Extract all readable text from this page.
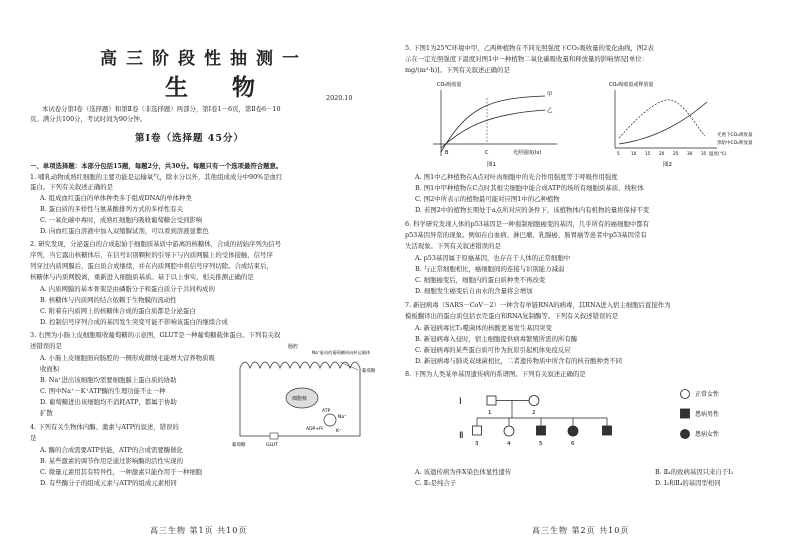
高三阶段性抽测一
生 物	2020.10
本试卷分第Ⅰ卷（选择题）和第Ⅱ卷（非选择题）两部分，第Ⅰ卷1－6页，第Ⅱ卷6－10
页。满分共100分，考试时间为90分钟。
第Ⅰ卷（选择题 45分）
一、单项选择题：本部分包括15题，每题2分，共30分。每题只有一个选项最符合题意。
1. 哺乳动物成熟红细胞的主要功能是运输氧气，除水分以外，其他组成成分中90%是血红
蛋白。下列有关叙述正确的是
A. 组成血红蛋白的单体种类多于组成DNA的单体种类
B. 蛋白质的多样性与氨基酸排列方式的多样性有关
C. 一氧化碳中毒时，成熟红细胞内吸收葡萄糖会受到影响
D. 向血红蛋白溶液中加入双缩脲试剂，可以看到溶液显紫色
2. 研究发现，分泌蛋白的合成起始于细胞质基质中游离的核糖体，合成的初始序列为信号
序列，当它露出核糖体后，在信号识别颗粒的引导下与内质网膜上的受体接触，信号序
列穿过内质网膜后，蛋白质合成继续，并在内质网腔中将信号序列切除。合成结束后，
核糖体与内质网脱离，重新进入细胞质基质。基于以上事实，相关推测正确的是
A. 内质网膜的基本骨架是由磷脂分子和蛋白质分子共同构成的
B. 核糖体与内质网的结合依赖于生物膜的流动性
C. 附着在内质网上的核糖体合成的蛋白质都是分泌蛋白
D. 控制信号序列合成的基因发生突变可能不影响该蛋白的继续合成
3. 右图为小肠上皮细胞吸收葡萄糖的示意图，GLUT是一种葡萄糖载体蛋白。下列有关叙
述错误的是
A. 小肠上皮细胞面向肠腔的一侧形成微绒毛能增大营养物质吸
收面积
B. Na⁺进出该细胞均需要细胞膜上蛋白质的协助
C. 图中Na⁺－K⁺ATP酶的生理功能不止一种
D. 葡萄糖进出该细胞均不消耗ATP，都属于协助
扩散
4. 下列有关生物体内酶、激素与ATP的叙述，错误的
是
A. 酶的合成需要ATP供能，ATP的合成需要酶催化
B. 某些激素的调节作用是通过影响酶的活性实现的
C. 微量元素用其有特异性，一种激素只能作用于一种细胞
D. 有些酶分子的组成元素与ATP的组成元素相同
肠腔
Na⁺驱动的葡萄糖同向转运载体
细胞核
ATP
ADP+Pi	K⁺
Na⁺
GLUT
葡萄糖
葡萄糖
高三生物 第1页 共10页
5. 下图1为25℃环境中甲、乙两种植物在不同光照强度下CO₂吸收量的变化曲线，图2表
示在一定光照强度下温度对图1中一种植物二氧化碳吸收量和释放量的影响情况[单位：
mg/(m²·h)]。下列有关叙述正确的是
CO₂吸收量
甲
乙
B	C	光照强度(lx)
图1
CO₂吸收量或释放量
光照下CO₂吸收量
黑暗中CO₂释放量
5	10 15 20 25 30 35 温度(℃)
图2
A. 图1中乙种植物在A点对叶肉细胞中的光合作用强度等于呼吸作用强度
B. 图1中甲种植物在C点时其根尖细胞中能合成ATP的场所有细胞质基质、线粒体
C. 图2中所表示的植物最可能对应图1中的乙种植物
D. 若图2中的植物长期处于a点所对应的条件下，该植物体内有机物的量将保持不变
6. 科学研究发现人体的p53基因是一种遏制细胞癌变的基因，几乎所有的癌细胞中都有
p53基因异常的现象。例如在白血病、淋巴瘤、乳腺癌、肠胃癌等患者中p53基因常有
失活现象。下列有关叙述错误的是
A. p53基因属于原癌基因，也存在于人体的正常细胞中
B. 与正常细胞相比，癌细胞间的连接与识别能力减弱
C. 细胞癌变后，细胞内的蛋白质种类不再改变
D. 细胞发生癌变后自由水的含量将会增加
7. 新冠病毒（SARS－CoV－2）一种含有单链RNA的病毒，其RNA进入宿主细胞后直接作为
模板翻译出的蛋白质包括衣壳蛋白和RNA复制酶等。下列有关叙述错误的是
A. 新冠病毒比T₂噬菌体的核酸更易发生基因突变
B. 新冠病毒入侵时，宿主细胞提供病毒繁殖所需的所有酶
C. 新冠病毒的某些蛋白质可作为抗原引起机体免疫反应
D. 新冠病毒与肺炎双球菌相比，二者遗传物质中所含有的核苷酸种类不同
8. 下图为人类某单基因遗传病的系谱图。下列有关叙述正确的是
Ⅰ
Ⅱ
1	2
3	4	5	6
正常女性
患病男性
患病女性
A. 该遗传病为伴X染色体显性遗传	B. Ⅱ₄的致病基因只来自于Ⅰ₁
C. Ⅱ₃是纯合子	D. Ⅰ₂和Ⅱ₄的基因型相同
高三生物 第2页 共10页
